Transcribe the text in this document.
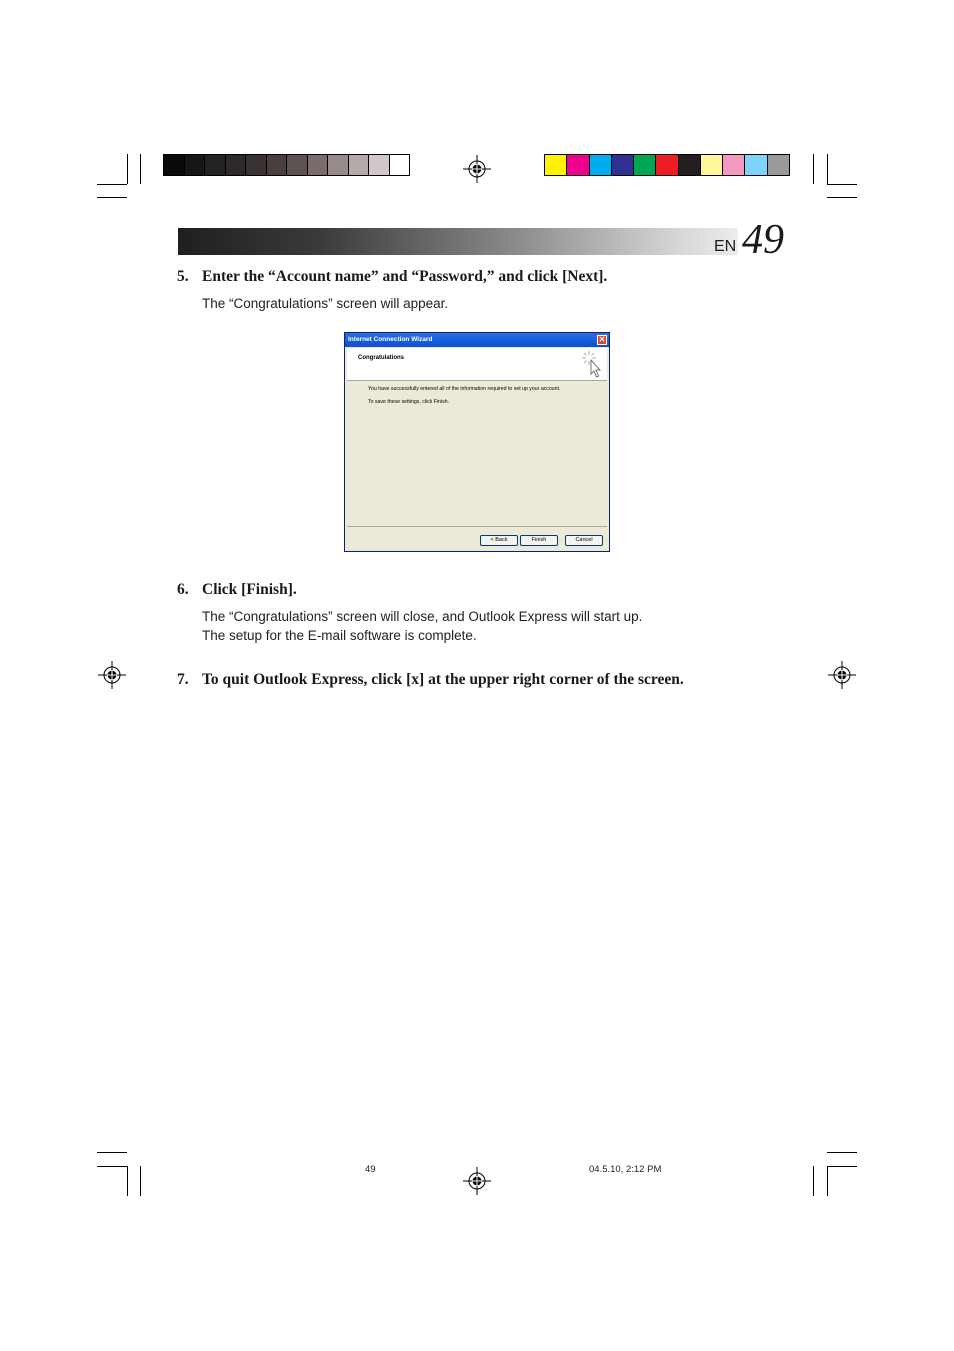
EN 49
5. Enter the “Account name” and “Password,” and click [Next].
The “Congratulations” screen will appear.
Internet Connection Wizard	✕
Congratulations
You have successfully entered all of the information required to set up your account.
To save these settings, click Finish.
< Back	Finish	Cancel
6. Click [Finish].
The “Congratulations” screen will close, and Outlook Express will start up.
The setup for the E-mail software is complete.
7. To quit Outlook Express, click [x] at the upper right corner of the screen.
49	04.5.10, 2:12 PM
